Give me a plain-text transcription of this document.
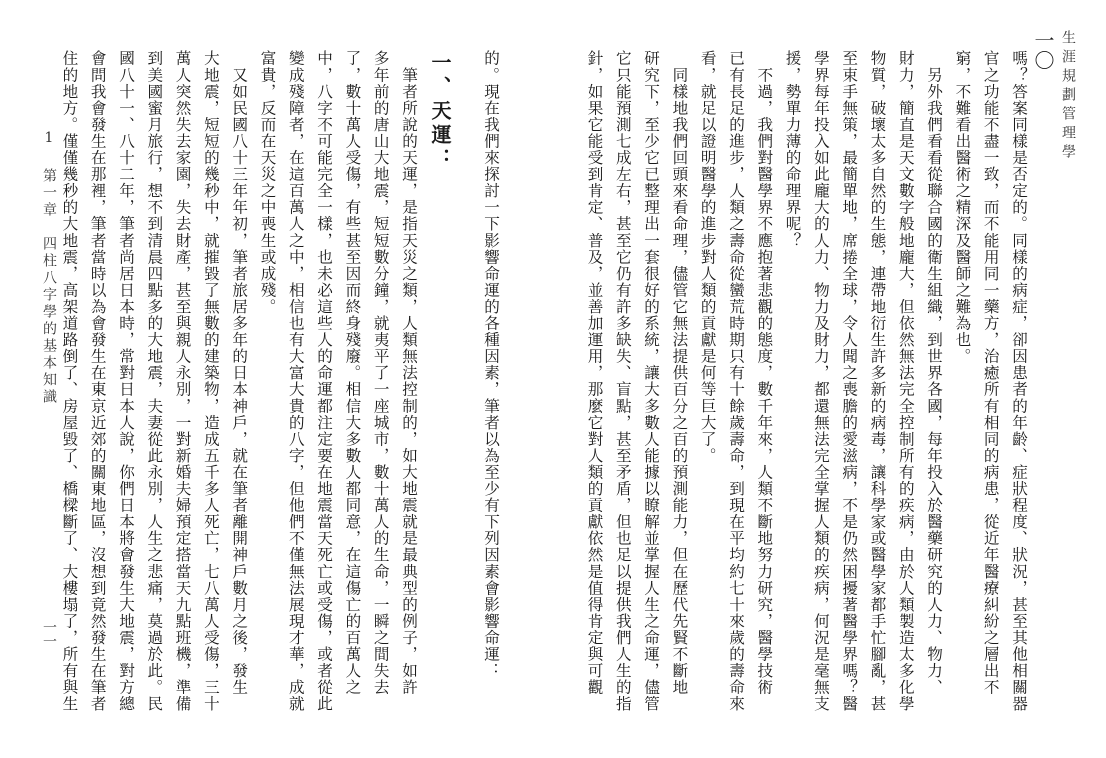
的。現在我們來探討一下影響命運的各種因素，筆者以為至少有下列因素會影響命運：
一、天運：
　筆者所說的天運，是指天災之類，人類無法控制的，如大地震就是最典型的例子，如許
多年前的唐山大地震，短短數分鐘，就夷平了一座城市，數十萬人的生命，一瞬之間失去
了，數十萬人受傷，有些甚至因而終身殘廢。相信大多數人都同意，在這傷亡的百萬人之
中，八字不可能完全一樣，也未必這些人的命運都注定要在地震當天死亡或受傷，或者從此
變成殘障者，在這百萬人之中，相信也有大富大貴的八字，但他們不僅無法展現才華，成就
富貴，反而在天災之中喪生或成殘。
　又如民國八十三年年初，筆者旅居多年的日本神戶，就在筆者離開神戶數月之後，發生
大地震，短短的幾秒中，就摧毀了無數的建築物，造成五千多人死亡，七八萬人受傷，三十
萬人突然失去家園，失去財產，甚至與親人永別，一對新婚夫婦預定搭當天九點班機，準備
到美國蜜月旅行，想不到清晨四點多的大地震，夫妻從此永別，人生之悲痛，莫過於此。民
國八十一、八十二年，筆者尚居日本時，常對日本人說，你們日本將會發生大地震，對方總
會問我會發生在那裡，筆者當時以為會發生在東京近郊的關東地區，沒想到竟然發生在筆者
住的地方。僅僅幾秒的大地震，高架道路倒了、房屋毀了、橋樑斷了、大樓塌了，所有與生
1 第一章　四柱八字學的基本知識
一一
生涯規劃管理學
一〇
嗎？答案同樣是否定的。同樣的病症，卻因患者的年齡、症狀程度、狀況，甚至其他相關器
官之功能不盡一致，而不能用同一藥方，治癒所有相同的病患，從近年醫療糾紛之層出不
窮，不難看出醫術之精深及醫師之難為也。
　另外我們看看從聯合國的衛生組織，到世界各國，每年投入於醫藥研究的人力、物力、
財力，簡直是天文數字般地龐大，但依然無法完全控制所有的疾病，由於人類製造太多化學
物質，破壞太多自然的生態，連帶地衍生許多新的病毒，讓科學家或醫學家都手忙腳亂，甚
至束手無策，最簡單地，席捲全球，令人聞之喪膽的愛滋病，不是仍然困擾著醫學界嗎？醫
學界每年投入如此龐大的人力、物力及財力，都還無法完全掌握人類的疾病，何況是毫無支
援，勢單力薄的命理界呢？
　不過，我們對醫學界不應抱著悲觀的態度，數千年來，人類不斷地努力研究，醫學技術
已有長足的進步，人類之壽命從蠻荒時期只有十餘歲壽命，到現在平均約七十來歲的壽命來
看，就足以證明醫學的進步對人類的貢獻是何等巨大了。
　同樣地我們回頭來看命理，儘管它無法提供百分之百的預測能力，但在歷代先賢不斷地
研究下，至少它已整理出一套很好的系統，讓大多數人能據以瞭解並掌握人生之命運，儘管
它只能預測七成左右，甚至它仍有許多缺失、盲點，甚至矛盾，但也足以提供我們人生的指
針，如果它能受到肯定、普及，並善加運用，那麼它對人類的貢獻依然是值得肯定與可觀
